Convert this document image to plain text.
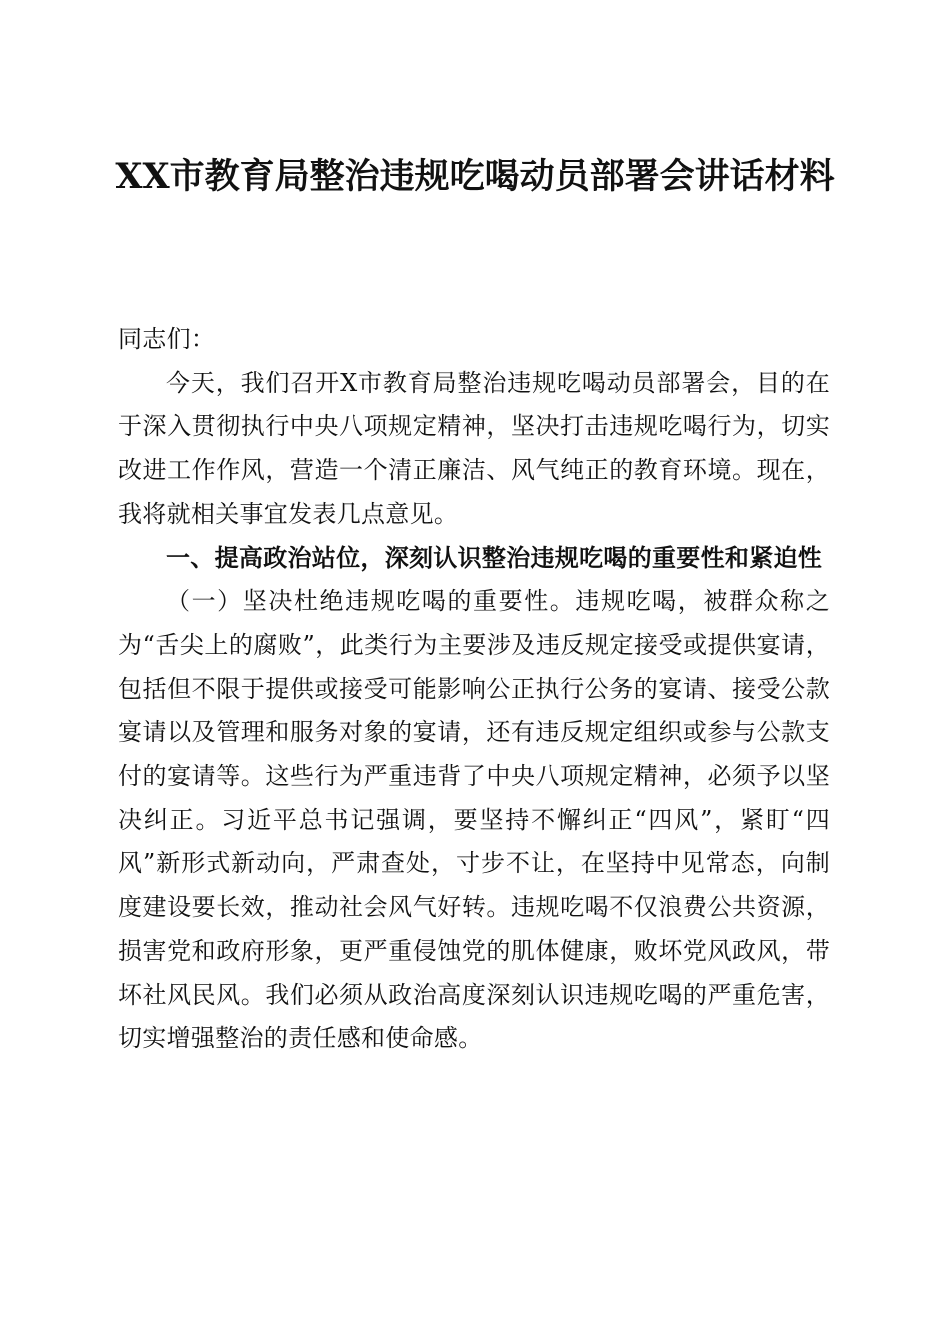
XX市教育局整治违规吃喝动员部署会讲话材料

同志们：

今天，我们召开X市教育局整治违规吃喝动员部署会，目的在于深入贯彻执行中央八项规定精神，坚决打击违规吃喝行为，切实改进工作作风，营造一个清正廉洁、风气纯正的教育环境。现在，我将就相关事宜发表几点意见。

一、提高政治站位，深刻认识整治违规吃喝的重要性和紧迫性

（一）坚决杜绝违规吃喝的重要性。违规吃喝，被群众称之为“舌尖上的腐败”，此类行为主要涉及违反规定接受或提供宴请，包括但不限于提供或接受可能影响公正执行公务的宴请、接受公款宴请以及管理和服务对象的宴请，还有违反规定组织或参与公款支付的宴请等。这些行为严重违背了中央八项规定精神，必须予以坚决纠正。习近平总书记强调，要坚持不懈纠正“四风”，紧盯“四风”新形式新动向，严肃查处，寸步不让，在坚持中见常态，向制度建设要长效，推动社会风气好转。违规吃喝不仅浪费公共资源，损害党和政府形象，更严重侵蚀党的肌体健康，败坏党风政风，带坏社风民风。我们必须从政治高度深刻认识违规吃喝的严重危害，切实增强整治的责任感和使命感。
